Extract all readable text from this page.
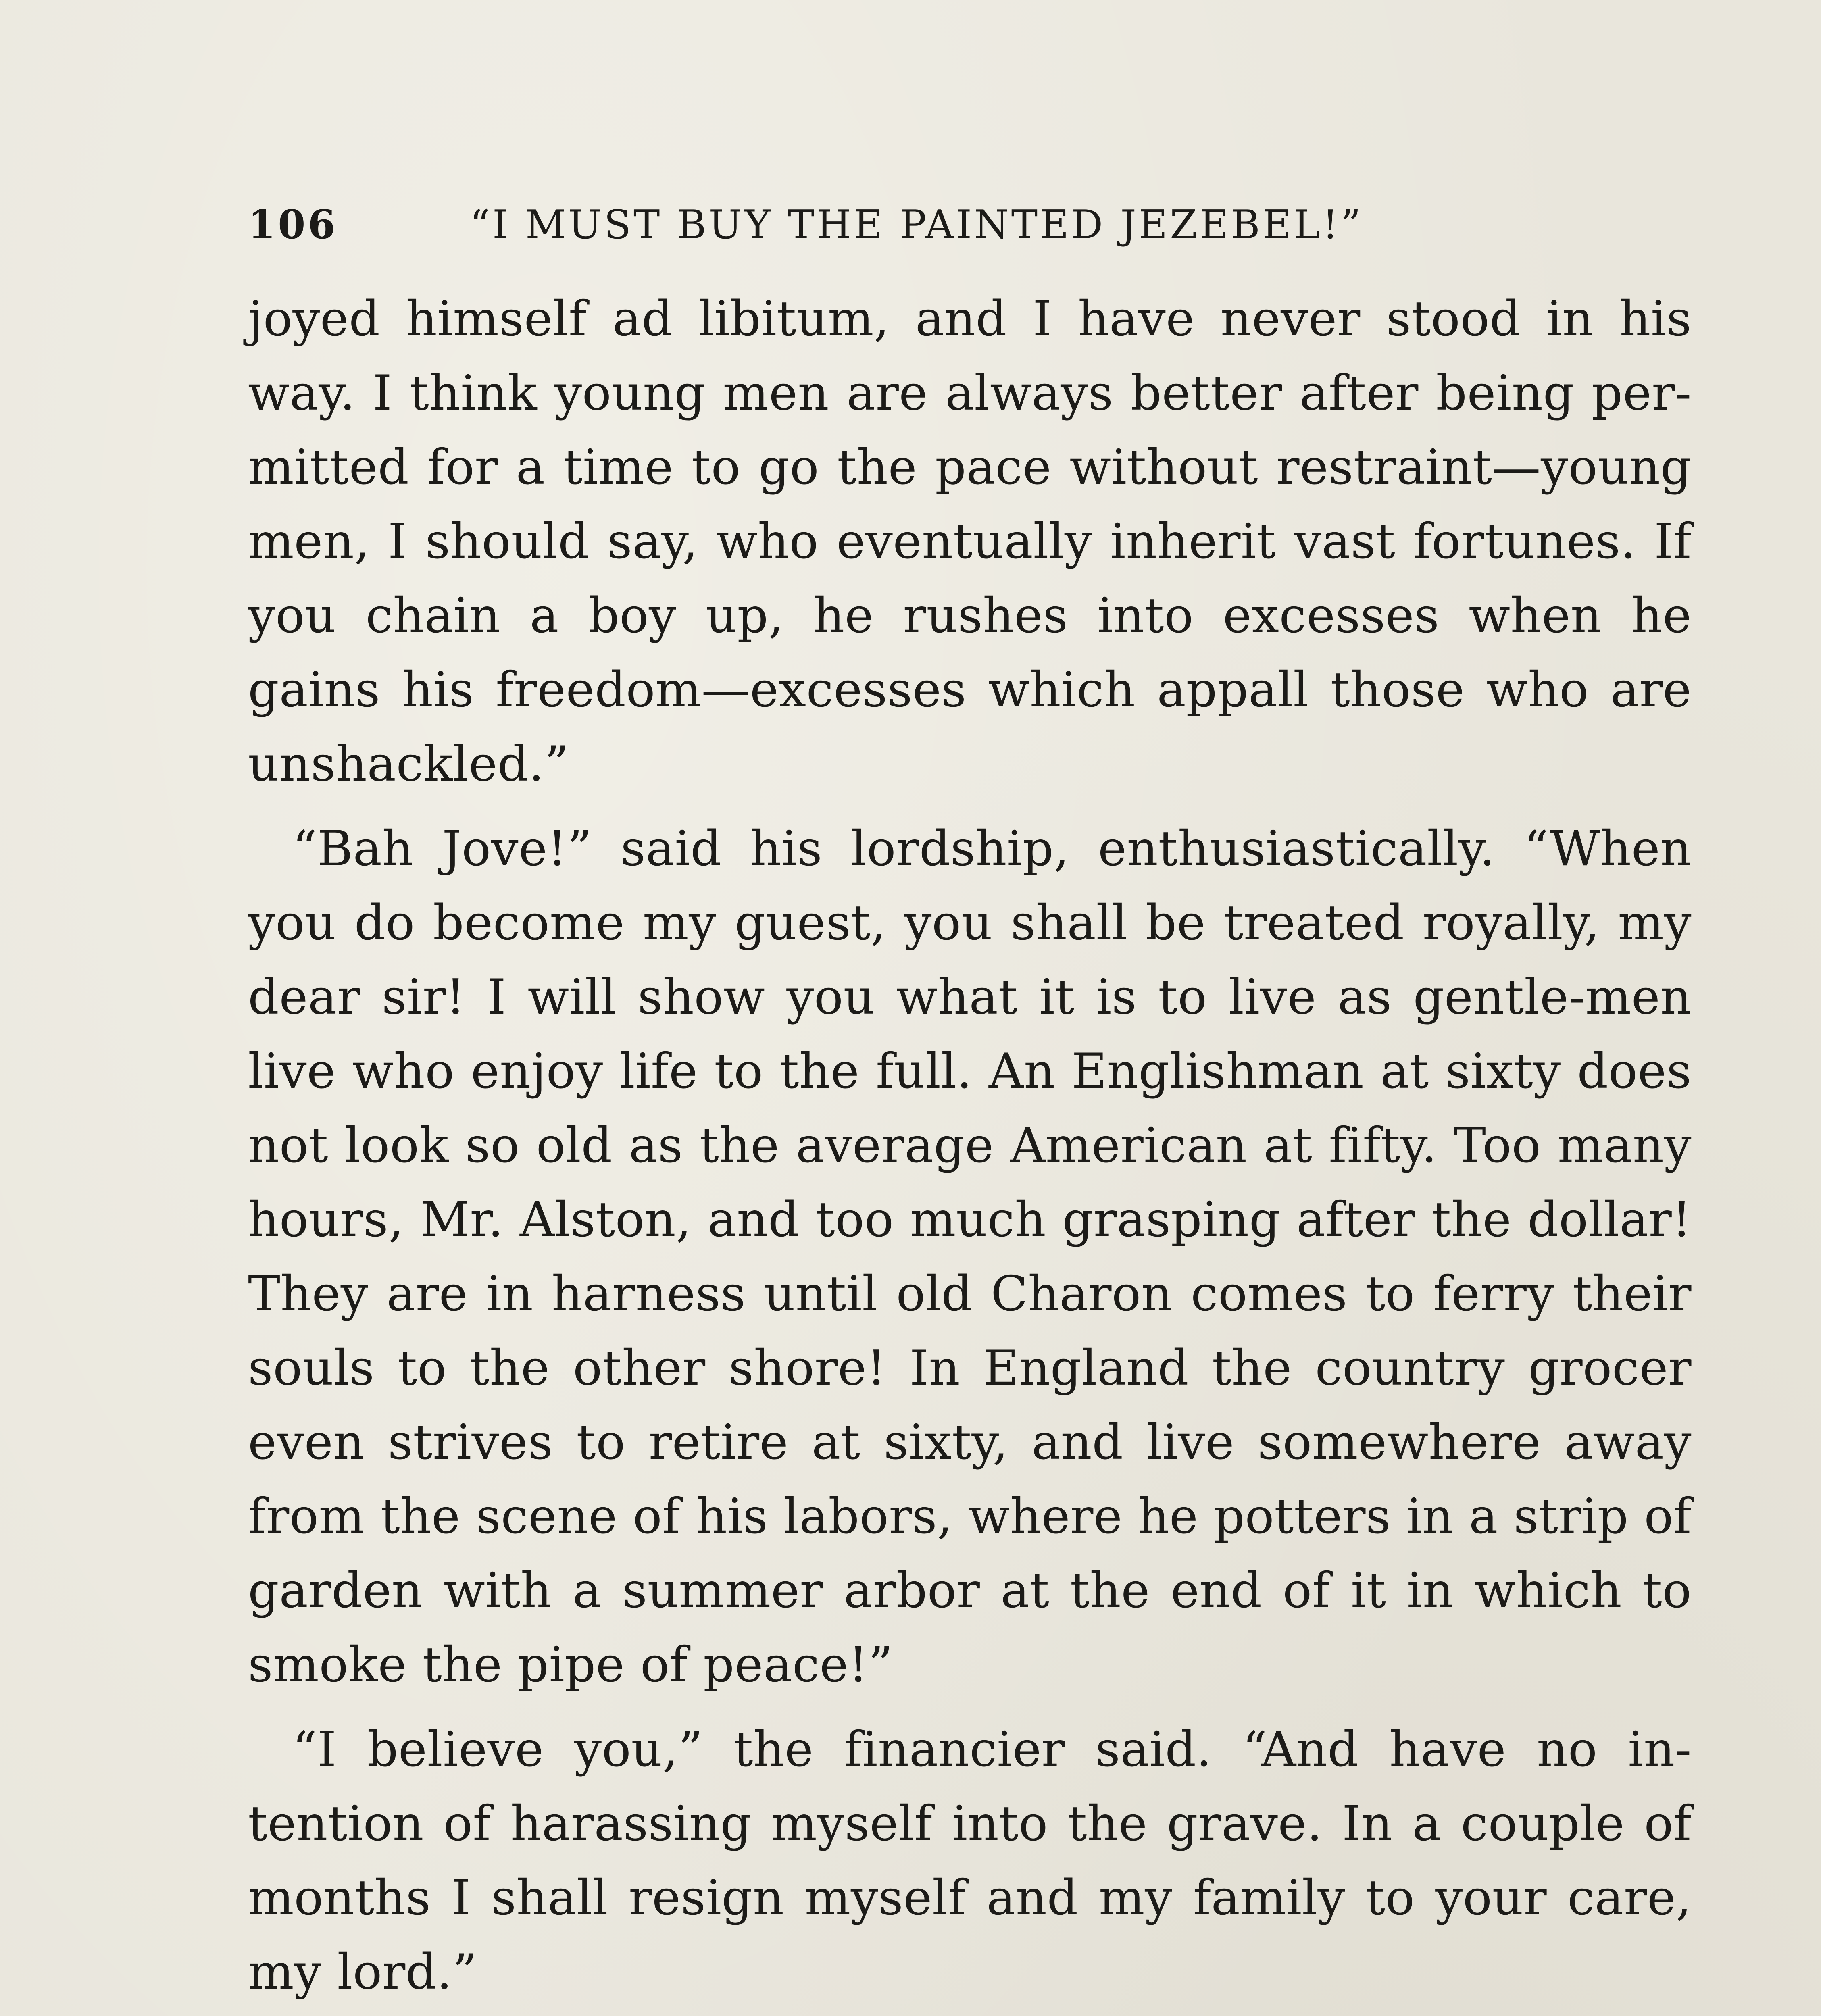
106	“I MUST BUY THE PAINTED JEZEBEL!”

joyed himself ad libitum, and I have never stood in his way. I think young men are always better after being per-mitted for a time to go the pace without restraint—young men, I should say, who eventually inherit vast fortunes. If you chain a boy up, he rushes into excesses when he gains his freedom—excesses which appall those who are unshackled.”

“Bah Jove!” said his lordship, enthusiastically. “When you do become my guest, you shall be treated royally, my dear sir! I will show you what it is to live as gentle-men live who enjoy life to the full. An Englishman at sixty does not look so old as the average American at fifty. Too many hours, Mr. Alston, and too much grasping after the dollar! They are in harness until old Charon comes to ferry their souls to the other shore! In England the country grocer even strives to retire at sixty, and live somewhere away from the scene of his labors, where he potters in a strip of garden with a summer arbor at the end of it in which to smoke the pipe of peace!”

“I believe you,” the financier said. “And have no in-tention of harassing myself into the grave. In a couple of months I shall resign myself and my family to your care, my lord.”
